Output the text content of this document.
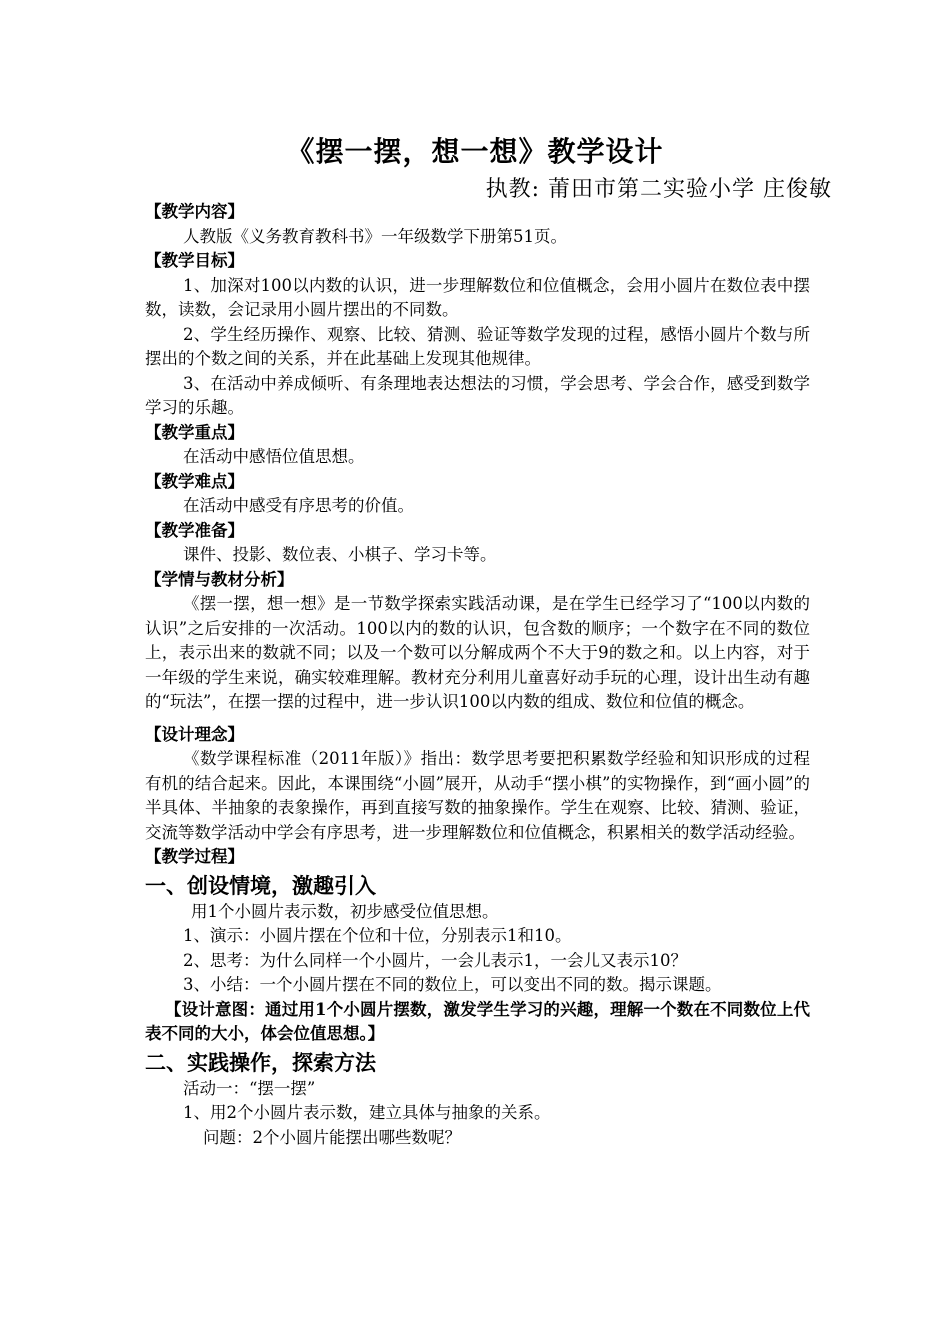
《摆一摆，想一想》教学设计
执教: 莆田市第二实验小学 庄俊敏
【教学内容】
人教版《义务教育教科书》一年级数学下册第51页。
【教学目标】
1、加深对100以内数的认识，进一步理解数位和位值概念，会用小圆片在数位表中摆数，读数，会记录用小圆片摆出的不同数。
2、学生经历操作、观察、比较、猜测、验证等数学发现的过程，感悟小圆片个数与所摆出的个数之间的关系，并在此基础上发现其他规律。
3、在活动中养成倾听、有条理地表达想法的习惯，学会思考、学会合作，感受到数学学习的乐趣。
【教学重点】
在活动中感悟位值思想。
【教学难点】
在活动中感受有序思考的价值。
【教学准备】
课件、投影、数位表、小棋子、学习卡等。
【学情与教材分析】
《摆一摆，想一想》是一节数学探索实践活动课，是在学生已经学习了“100以内数的认识”之后安排的一次活动。100以内的数的认识，包含数的顺序；一个数字在不同的数位上，表示出来的数就不同；以及一个数可以分解成两个不大于9的数之和。以上内容，对于一年级的学生来说，确实较难理解。教材充分利用儿童喜好动手玩的心理，设计出生动有趣的“玩法”，在摆一摆的过程中，进一步认识100以内数的组成、数位和位值的概念。
【设计理念】
《数学课程标准（2011年版）》指出：数学思考要把积累数学经验和知识形成的过程有机的结合起来。因此，本课围绕“小圆”展开，从动手“摆小棋”的实物操作，到“画小圆”的半具体、半抽象的表象操作，再到直接写数的抽象操作。学生在观察、比较、猜测、验证，交流等数学活动中学会有序思考，进一步理解数位和位值概念，积累相关的数学活动经验。
【教学过程】
一、创设情境，激趣引入
用1个小圆片表示数，初步感受位值思想。
1、演示：小圆片摆在个位和十位，分别表示1和10。
2、思考：为什么同样一个小圆片，一会儿表示1，一会儿又表示10？
3、小结：一个小圆片摆在不同的数位上，可以变出不同的数。揭示课题。
【设计意图：通过用1个小圆片摆数，激发学生学习的兴趣，理解一个数在不同数位上代表不同的大小，体会位值思想。】
二、实践操作，探索方法
活动一：“摆一摆”
1、用2个小圆片表示数，建立具体与抽象的关系。
问题：2个小圆片能摆出哪些数呢？
